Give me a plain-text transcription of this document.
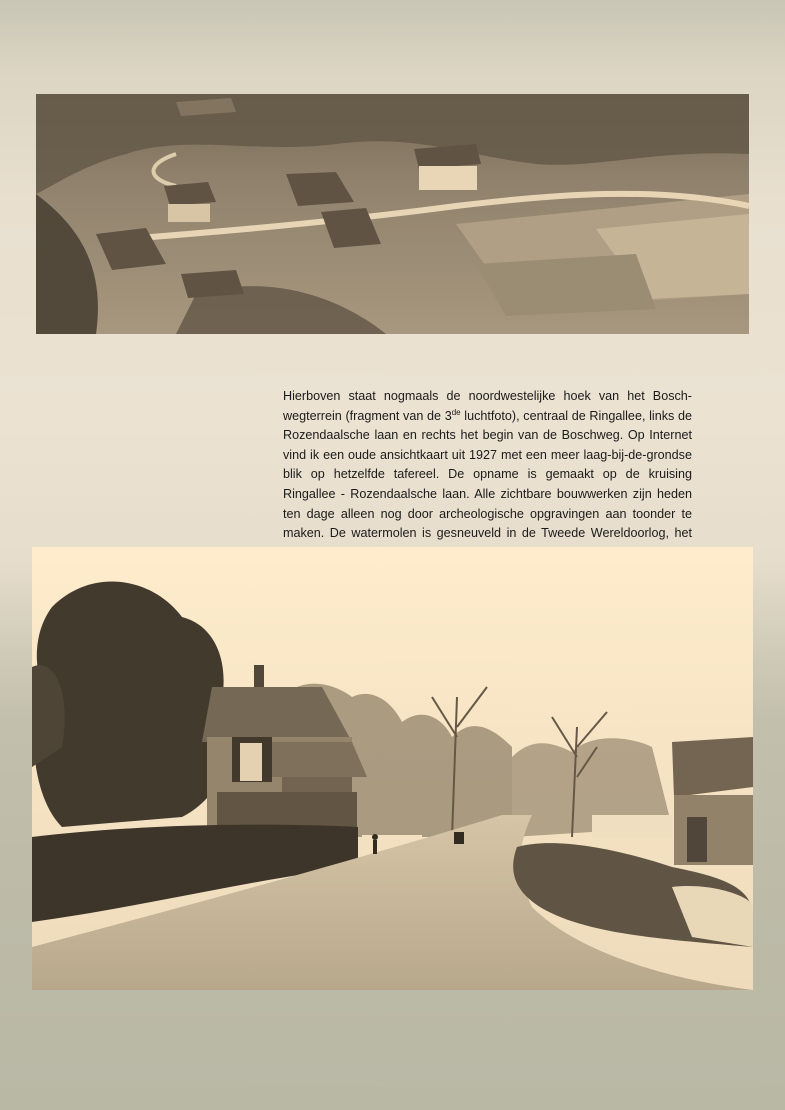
Hierboven staat nogmaals de noordwestelijke hoek van het Bosch-wegterrein (fragment van de 3de luchtfoto), centraal de Ringallee, links de Rozendaalsche laan en rechts het begin van de Boschweg. Op Internet vind ik een oude ansichtkaart uit 1927 met een meer laag-bij-de-grondse blik op hetzelfde tafereel. De opname is gemaakt op de kruising Ringallee - Rozendaalsche laan. Alle zichtbare bouwwerken zijn heden ten dage alleen nog door archeologische opgravingen aan toonder te maken. De watermolen is gesneuveld in de Tweede Wereldoorlog, het
